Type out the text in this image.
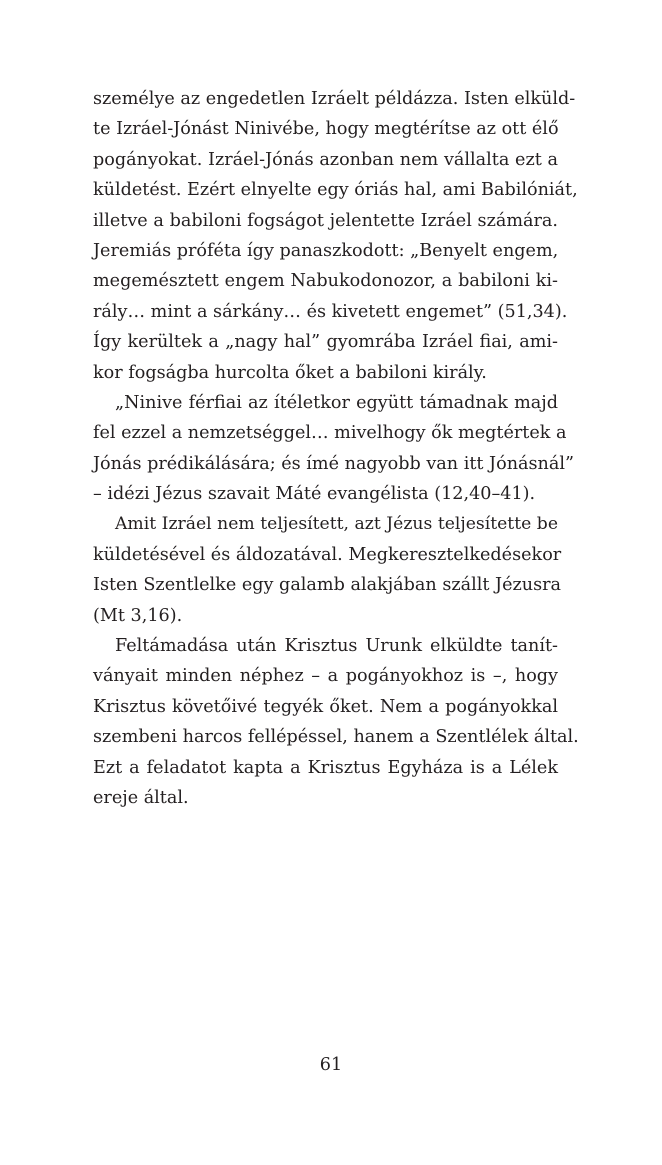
személye az engedetlen Izráelt példázza. Isten elküld-
te Izráel-Jónást Ninivébe, hogy megtérítse az ott élő
pogányokat. Izráel-Jónás azonban nem vállalta ezt a
küldetést. Ezért elnyelte egy óriás hal, ami Babilóniát,
illetve a babiloni fogságot jelentette Izráel számára.
Jeremiás próféta így panaszkodott: „Benyelt engem,
megemésztett engem Nabukodonozor, a babiloni ki-
rály… mint a sárkány… és kivetett engemet” (51,34).
Így kerültek a „nagy hal” gyomrába Izráel fiai, ami-
kor fogságba hurcolta őket a babiloni király.
„Ninive férfiai az ítéletkor együtt támadnak majd
fel ezzel a nemzetséggel… mivelhogy ők megtértek a
Jónás prédikálására; és ímé nagyobb van itt Jónásnál”
– idézi Jézus szavait Máté evangélista (12,40–41).
Amit Izráel nem teljesített, azt Jézus teljesítette be
küldetésével és áldozatával. Megkeresztelkedésekor
Isten Szentlelke egy galamb alakjában szállt Jézusra
(Mt 3,16).
Feltámadása után Krisztus Urunk elküldte tanít-
ványait minden néphez – a pogányokhoz is –, hogy
Krisztus követőivé tegyék őket. Nem a pogányokkal
szembeni harcos fellépéssel, hanem a Szentlélek által.
Ezt a feladatot kapta a Krisztus Egyháza is a Lélek
ereje által.
61
